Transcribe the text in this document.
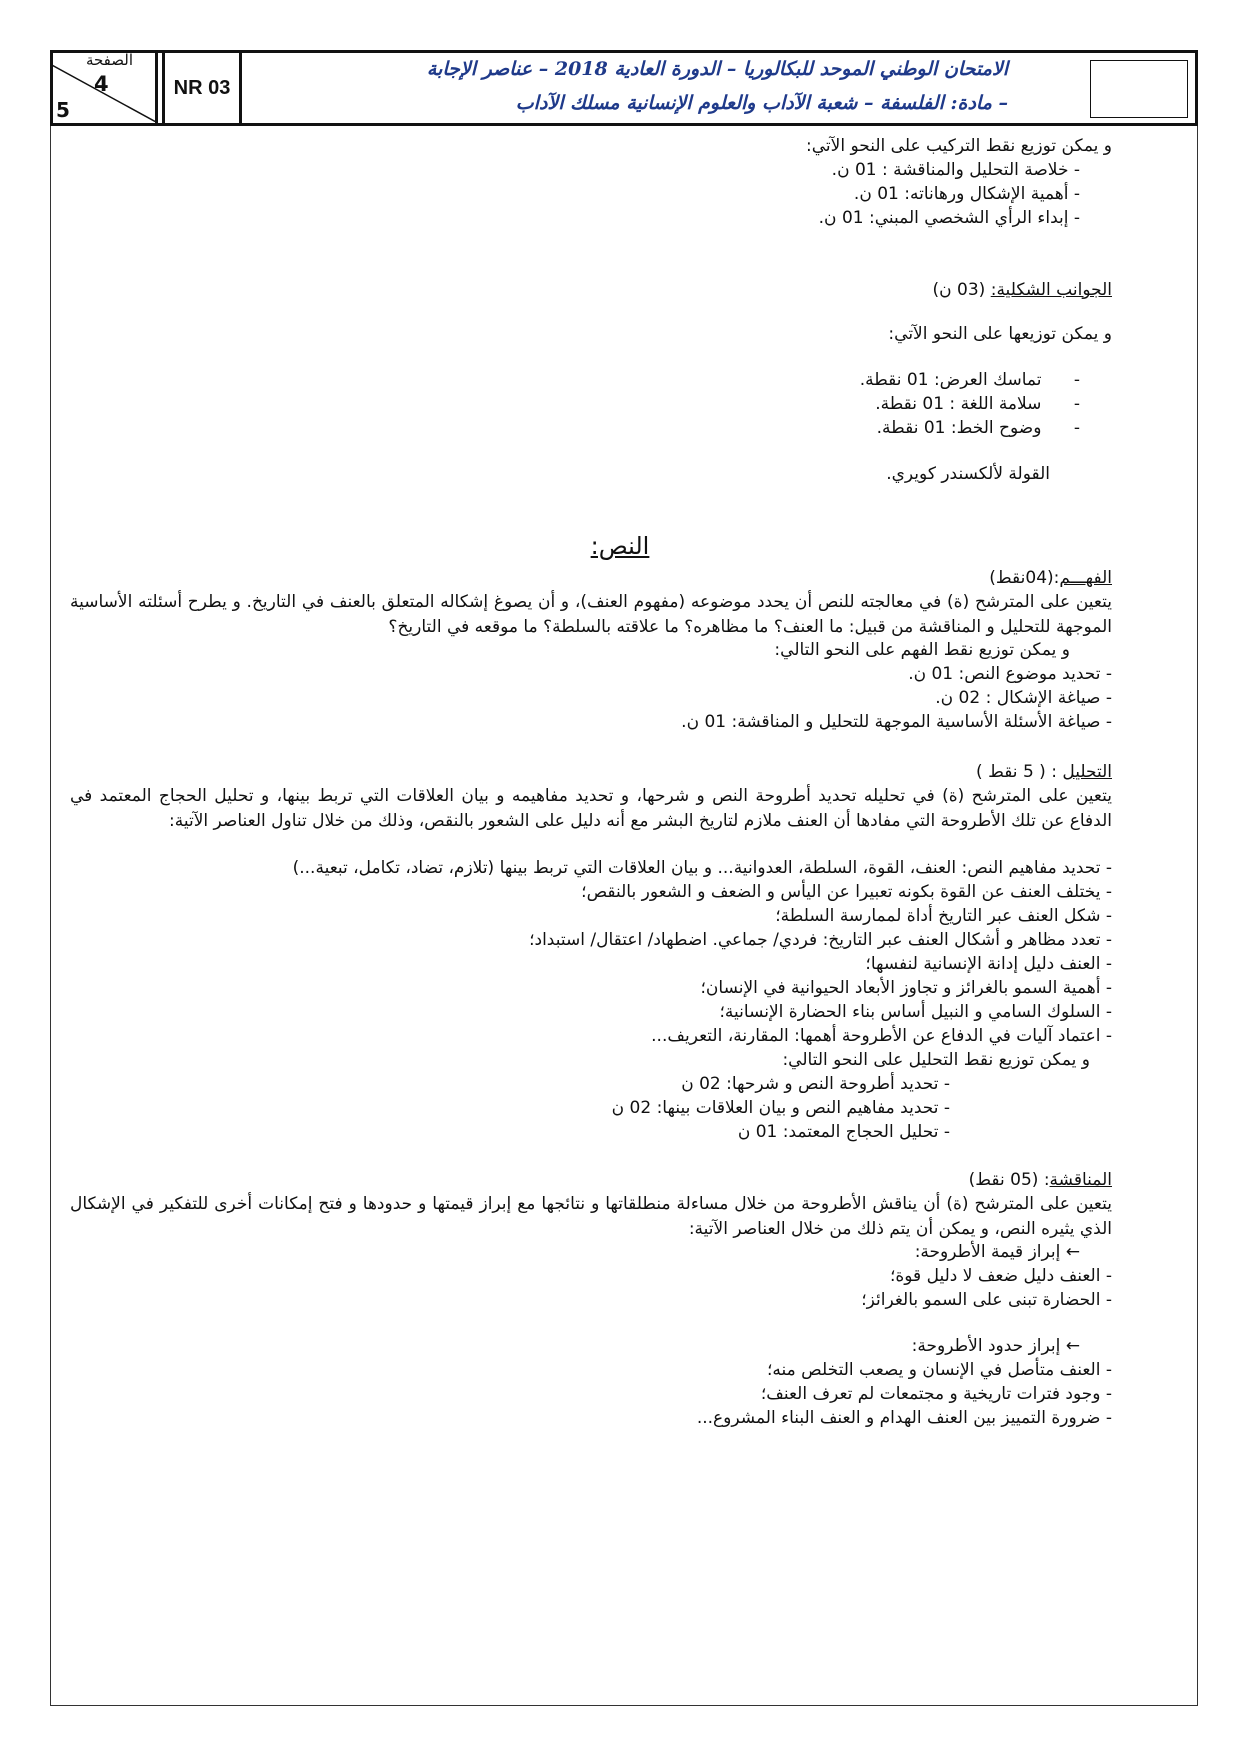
الصفحة
4
5
NR 03
الامتحان الوطني الموحد للبكالوريا – الدورة العادية 2018 – عناصر الإجابة
– مادة: الفلسفة – شعبة الآداب والعلوم الإنسانية مسلك الآداب
و يمكن توزيع نقط التركيب على النحو الآتي:
- خلاصة التحليل والمناقشة : 01 ن.
- أهمية الإشكال ورهاناته: 01 ن.
- إبداء الرأي الشخصي المبني: 01 ن.
الجوانب الشكلية: (03 ن)
و يمكن توزيعها على النحو الآتي:
-      تماسك العرض: 01 نقطة.
-      سلامة اللغة : 01 نقطة.
-      وضوح الخط: 01 نقطة.
القولة لألكسندر كويري.
النص:
الفهـــم:(04نقط)
يتعين على المترشح (ة) في معالجته للنص أن يحدد موضوعه (مفهوم العنف)، و أن يصوغ إشكاله المتعلق بالعنف في التاريخ. و يطرح أسئلته الأساسية الموجهة للتحليل و المناقشة من قبيل: ما العنف؟ ما مظاهره؟ ما علاقته بالسلطة؟ ما موقعه في التاريخ؟
و يمكن توزيع نقط الفهم على النحو التالي:
- تحديد موضوع النص: 01 ن.
- صياغة الإشكال : 02 ن.
- صياغة الأسئلة الأساسية الموجهة للتحليل و المناقشة: 01 ن.
التحليل : ( 5 نقط )
يتعين على المترشح (ة) في تحليله تحديد أطروحة النص و شرحها، و تحديد مفاهيمه و بيان العلاقات التي تربط بينها، و تحليل الحجاج المعتمد في الدفاع عن تلك الأطروحة التي مفادها أن العنف ملازم لتاريخ البشر مع أنه دليل على الشعور بالنقص، وذلك من خلال تناول العناصر الآتية:
- تحديد مفاهيم النص: العنف، القوة، السلطة، العدوانية... و بيان العلاقات التي تربط بينها (تلازم، تضاد، تكامل، تبعية...)
- يختلف العنف عن القوة بكونه تعبيرا عن اليأس و الضعف و الشعور بالنقص؛
- شكل العنف عبر التاريخ أداة لممارسة السلطة؛
- تعدد مظاهر و أشكال العنف عبر التاريخ: فردي/ جماعي. اضطهاد/ اعتقال/ استبداد؛
- العنف دليل إدانة الإنسانية لنفسها؛
- أهمية السمو بالغرائز و تجاوز الأبعاد الحيوانية في الإنسان؛
- السلوك السامي و النبيل أساس بناء الحضارة الإنسانية؛
- اعتماد آليات في الدفاع عن الأطروحة أهمها: المقارنة، التعريف...
و يمكن توزيع نقط التحليل على النحو التالي:
- تحديد أطروحة النص و شرحها: 02 ن
- تحديد مفاهيم النص و بيان العلاقات بينها: 02 ن
- تحليل الحجاج المعتمد: 01 ن
المناقشة: (05 نقط)
يتعين على المترشح (ة) أن يناقش الأطروحة من خلال مساءلة منطلقاتها و نتائجها مع إبراز قيمتها و حدودها و فتح إمكانات أخرى للتفكير في الإشكال الذي يثيره النص، و يمكن أن يتم ذلك من خلال العناصر الآتية:
← إبراز قيمة الأطروحة:
- العنف دليل ضعف لا دليل قوة؛
- الحضارة تبنى على السمو بالغرائز؛
← إبراز حدود الأطروحة:
- العنف متأصل في الإنسان و يصعب التخلص منه؛
- وجود فترات تاريخية و مجتمعات لم تعرف العنف؛
- ضرورة التمييز بين العنف الهدام و العنف البناء المشروع...
